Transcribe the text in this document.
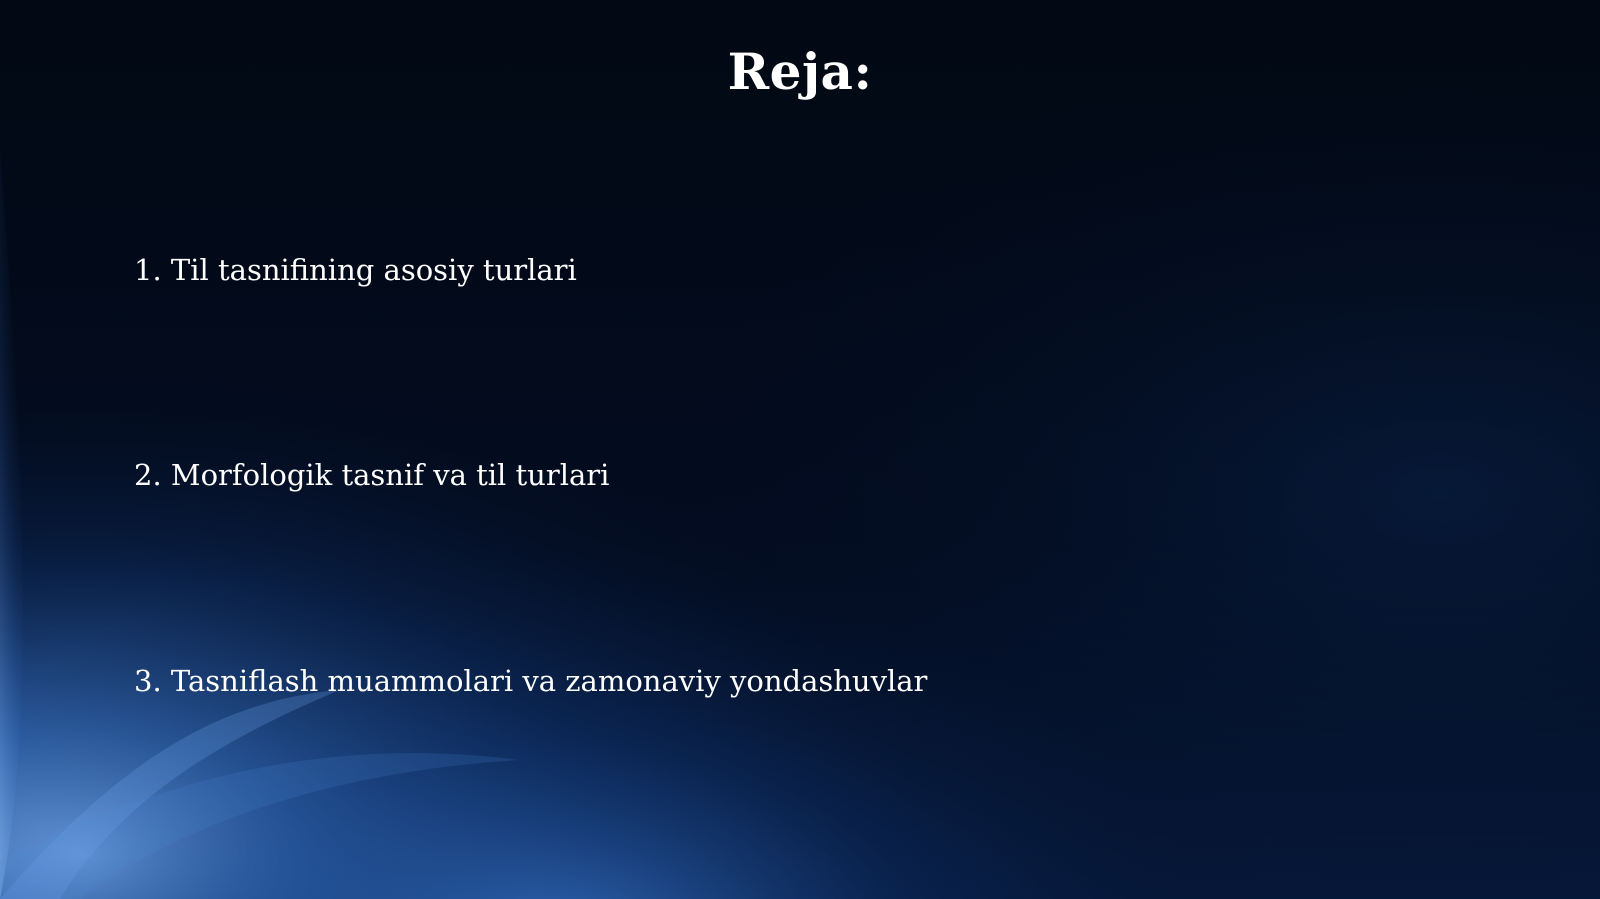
Reja:
1. Til tasnifining asosiy turlari
2. Morfologik tasnif va til turlari
3. Tasniflash muammolari va zamonaviy yondashuvlar
